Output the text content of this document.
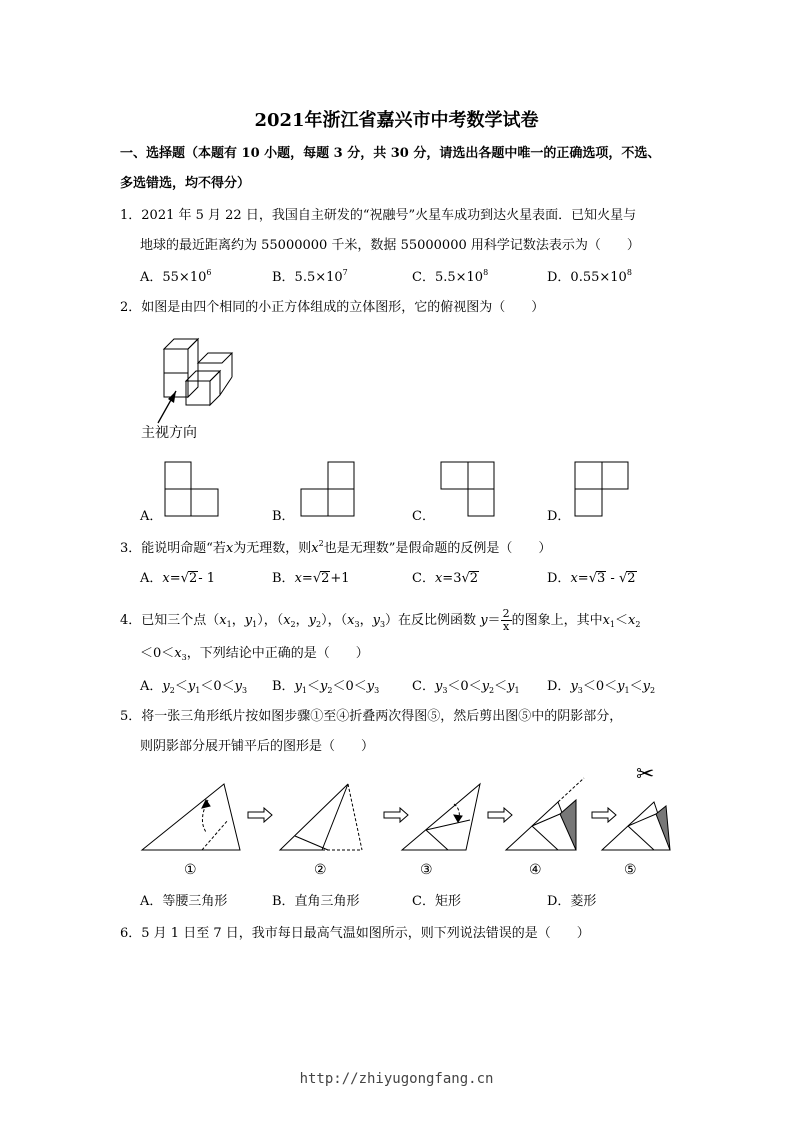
2021年浙江省嘉兴市中考数学试卷
一、选择题（本题有 10 小题，每题 3 分，共 30 分，请选出各题中唯一的正确选项，不选、
多选错选，均不得分）
1．2021 年 5 月 22 日，我国自主研发的“祝融号”火星车成功到达火星表面．已知火星与
地球的最近距离约为 55000000 千米，数据 55000000 用科学记数法表示为（　　）
A．$55\times 10^6$	B．$5.5\times 10^7$	C．$5.5\times 10^8$	D．$0.55\times 10^8$
2．如图是由四个相同的小正方体组成的立体图形，它的俯视图为（　　）
主视方向
A．	B．	C．	D．
3．能说明命题“若x为无理数，则$x^2$也是无理数”是假命题的反例是（　　）
A．x=√2- 1	B．x=√2+1	C．x=3√2	D．x=√3 - √2
4．已知三个点（$x_1$，$y_1$），（$x_2$，$y_2$），（$x_3$，$y_3$）在反比例函数 $y= \frac{2}{x}$ 的图象上，其中$x_1<x_2$
$<0<x_3$，下列结论中正确的是（　　）
A．$y_2<y_1<0<y_3$ B．$y_1<y_2<0<y_3$	C．$y_3<0<y_2<y_1$ D．$y_3<0<y_1<y_2$
5．将一张三角形纸片按如图步骤①至④折叠两次得图⑤，然后剪出图⑤中的阴影部分，
则阴影部分展开铺平后的图形是（　　）
✂
①	②	③	④	⑤
A．等腰三角形	B．直角三角形	C．矩形	D．菱形
6．5 月 1 日至 7 日，我市每日最高气温如图所示，则下列说法错误的是（　　）
http://zhiyugongfang.cn
